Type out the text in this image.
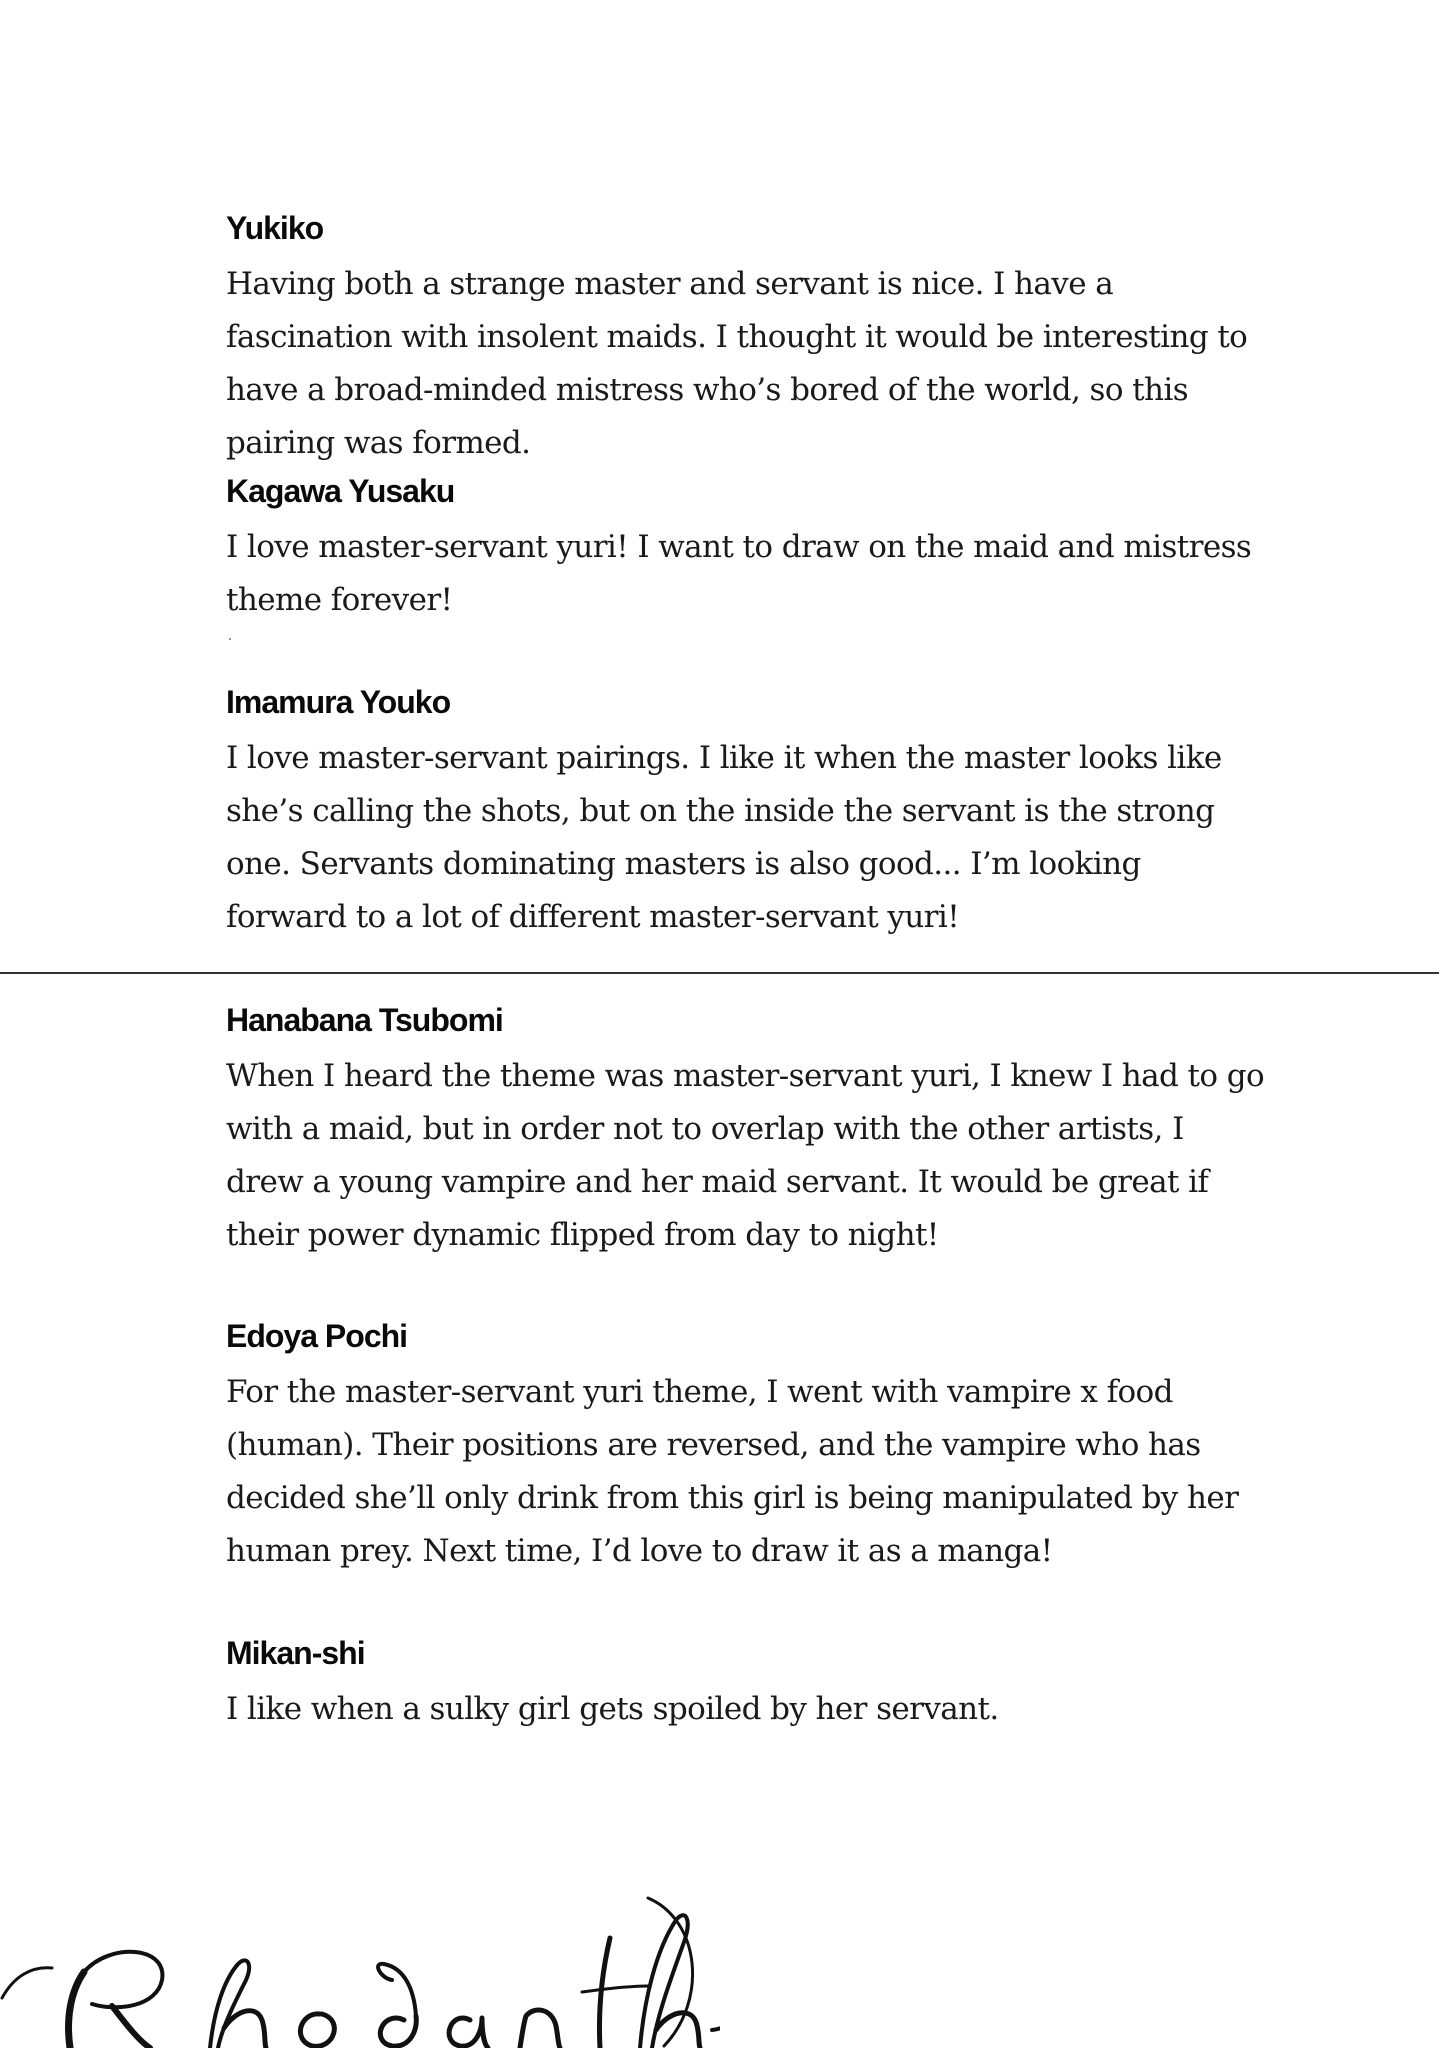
Yukiko
Having both a strange master and servant is nice. I have a fascination with insolent maids. I thought it would be interesting to have a broad-minded mistress who’s bored of the world, so this pairing was formed.
Kagawa Yusaku
I love master-servant yuri! I want to draw on the maid and mistress theme forever!
Imamura Youko
I love master-servant pairings. I like it when the master looks like she’s calling the shots, but on the inside the servant is the strong one. Servants dominating masters is also good... I’m looking forward to a lot of different master-servant yuri!
Hanabana Tsubomi
When I heard the theme was master-servant yuri, I knew I had to go with a maid, but in order not to overlap with the other artists, I drew a young vampire and her maid servant. It would be great if their power dynamic flipped from day to night!
Edoya Pochi
For the master-servant yuri theme, I went with vampire x food (human). Their positions are reversed, and the vampire who has decided she’ll only drink from this girl is being manipulated by her human prey. Next time, I’d love to draw it as a manga!
Mikan-shi
I like when a sulky girl gets spoiled by her servant.
